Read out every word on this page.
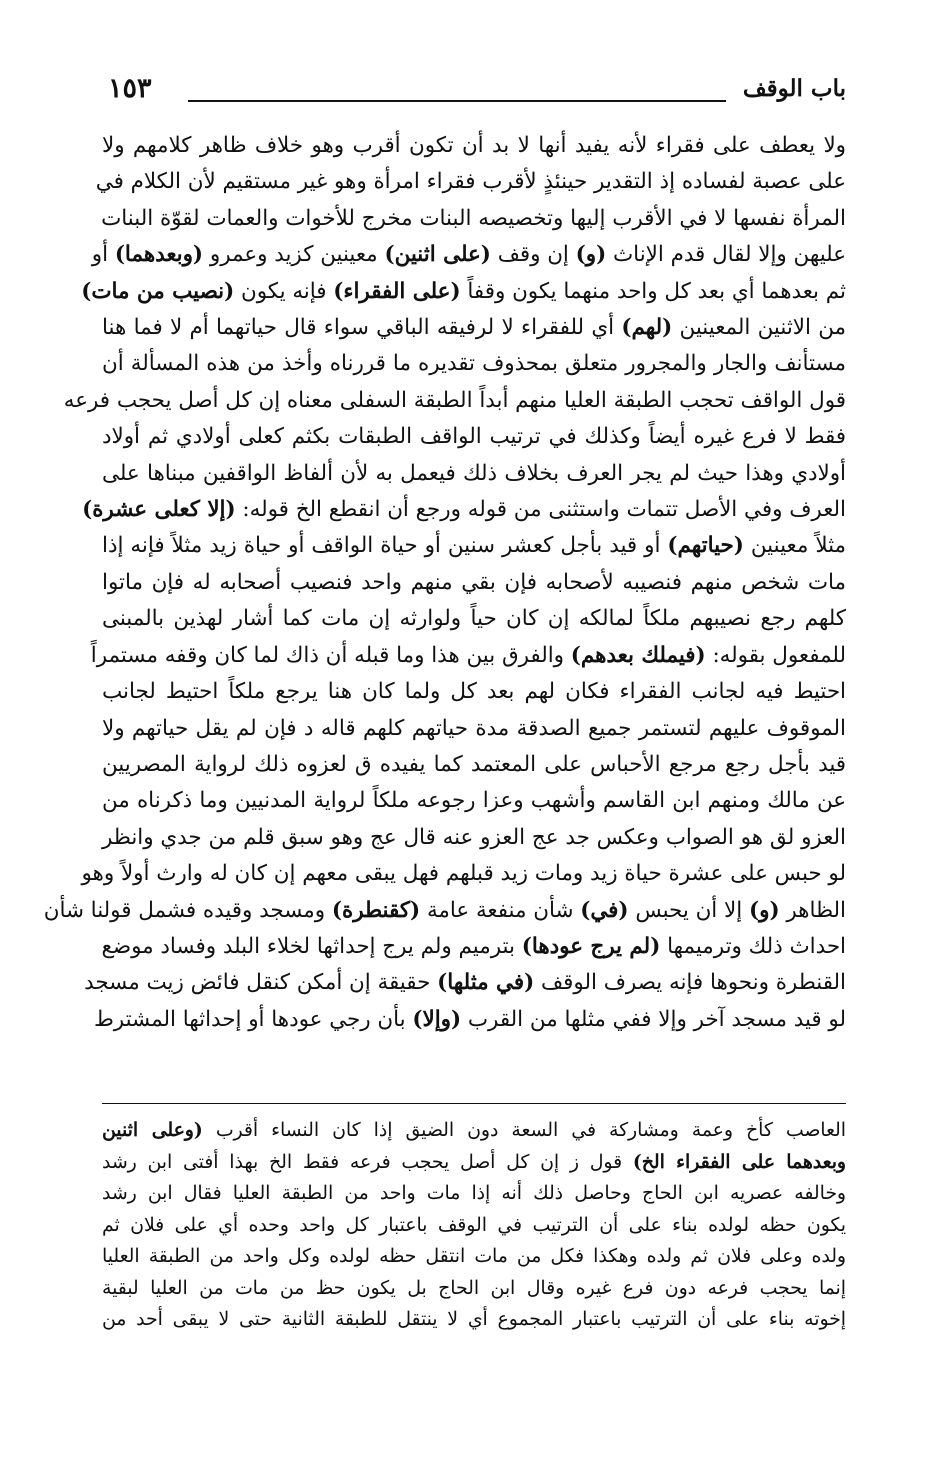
باب الوقف
١٥٣
ولا يعطف على فقراء لأنه يفيد أنها لا بد أن تكون أقرب وهو خلاف ظاهر كلامهم ولا
على عصبة لفساده إذ التقدير حينئذٍ لأقرب فقراء امرأة وهو غير مستقيم لأن الكلام في
المرأة نفسها لا في الأقرب إليها وتخصيصه البنات مخرج للأخوات والعمات لقوّة البنات
عليهن وإلا لقال قدم الإناث (و) إن وقف (على اثنين) معينين كزيد وعمرو (وبعدهما) أو
ثم بعدهما أي بعد كل واحد منهما يكون وقفاً (على الفقراء) فإنه يكون (نصيب من مات)
من الاثنين المعينين (لهم) أي للفقراء لا لرفيقه الباقي سواء قال حياتهما أم لا فما هنا
مستأنف والجار والمجرور متعلق بمحذوف تقديره ما قررناه وأخذ من هذه المسألة أن
قول الواقف تحجب الطبقة العليا منهم أبداً الطبقة السفلى معناه إن كل أصل يحجب فرعه
فقط لا فرع غيره أيضاً وكذلك في ترتيب الواقف الطبقات بكثم كعلى أولادي ثم أولاد
أولادي وهذا حيث لم يجر العرف بخلاف ذلك فيعمل به لأن ألفاظ الواقفين مبناها على
العرف وفي الأصل تتمات واستثنى من قوله ورجع أن انقطع الخ قوله: (إلا كعلى عشرة)
مثلاً معينين (حياتهم) أو قيد بأجل كعشر سنين أو حياة الواقف أو حياة زيد مثلاً فإنه إذا
مات شخص منهم فنصيبه لأصحابه فإن بقي منهم واحد فنصيب أصحابه له فإن ماتوا
كلهم رجع نصيبهم ملكاً لمالكه إن كان حياً ولوارثه إن مات كما أشار لهذين بالمبنى
للمفعول بقوله: (فيملك بعدهم) والفرق بين هذا وما قبله أن ذاك لما كان وقفه مستمراً
احتيط فيه لجانب الفقراء فكان لهم بعد كل ولما كان هنا يرجع ملكاً احتيط لجانب
الموقوف عليهم لتستمر جميع الصدقة مدة حياتهم كلهم قاله د فإن لم يقل حياتهم ولا
قيد بأجل رجع مرجع الأحباس على المعتمد كما يفيده ق لعزوه ذلك لرواية المصريين
عن مالك ومنهم ابن القاسم وأشهب وعزا رجوعه ملكاً لرواية المدنيين وما ذكرناه من
العزو لق هو الصواب وعكس جد عج العزو عنه قال عج وهو سبق قلم من جدي وانظر
لو حبس على عشرة حياة زيد ومات زيد قبلهم فهل يبقى معهم إن كان له وارث أولاً وهو
الظاهر (و) إلا أن يحبس (في) شأن منفعة عامة (كقنطرة) ومسجد وقيده فشمل قولنا شأن
احداث ذلك وترميمها (لم يرج عودها) بترميم ولم يرج إحداثها لخلاء البلد وفساد موضع
القنطرة ونحوها فإنه يصرف الوقف (في مثلها) حقيقة إن أمكن كنقل فائض زيت مسجد
لو قيد مسجد آخر وإلا ففي مثلها من القرب (وإلا) بأن رجي عودها أو إحداثها المشترط
العاصب كأخ وعمة ومشاركة في السعة دون الضيق إذا كان النساء أقرب (وعلى اثنين
وبعدهما على الفقراء الخ) قول ز إن كل أصل يحجب فرعه فقط الخ بهذا أفتى ابن رشد
وخالفه عصريه ابن الحاج وحاصل ذلك أنه إذا مات واحد من الطبقة العليا فقال ابن رشد
يكون حظه لولده بناء على أن الترتيب في الوقف باعتبار كل واحد وحده أي على فلان ثم
ولده وعلى فلان ثم ولده وهكذا فكل من مات انتقل حظه لولده وكل واحد من الطبقة العليا
إنما يحجب فرعه دون فرع غيره وقال ابن الحاج بل يكون حظ من مات من العليا لبقية
إخوته بناء على أن الترتيب باعتبار المجموع أي لا ينتقل للطبقة الثانية حتى لا يبقى أحد من
